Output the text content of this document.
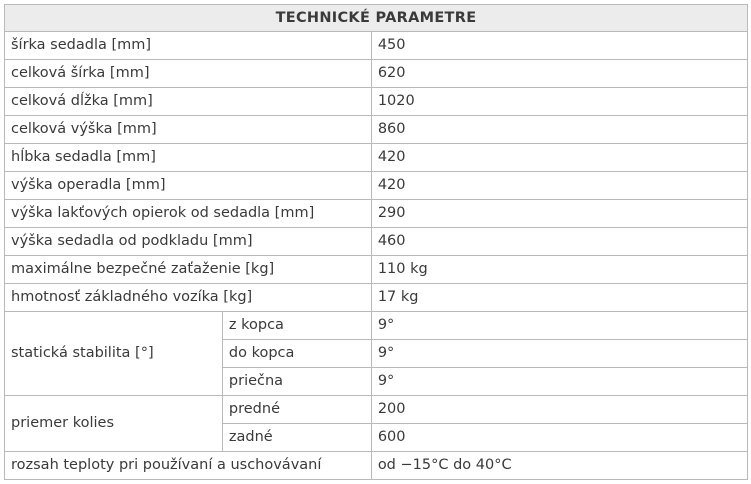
TECHNICKÉ PARAMETRE		
šírka sedadla [mm]		450
celková šírka [mm]		620
celková dĺžka [mm]		1020
celková výška [mm]		860
hĺbka sedadla [mm]		420
výška operadla [mm]		420
výška lakťových opierok od sedadla [mm]		290
výška sedadla od podkladu [mm]		460
maximálne bezpečné zaťaženie [kg]		110 kg
hmotnosť základného vozíka [kg]		17 kg
statická stabilita [°]	z kopca	9°
	do kopca	9°
	priečna	9°
priemer kolies	predné	200
	zadné	600
rozsah teploty pri používaní a uschovávaní		od −15°C do 40°C
